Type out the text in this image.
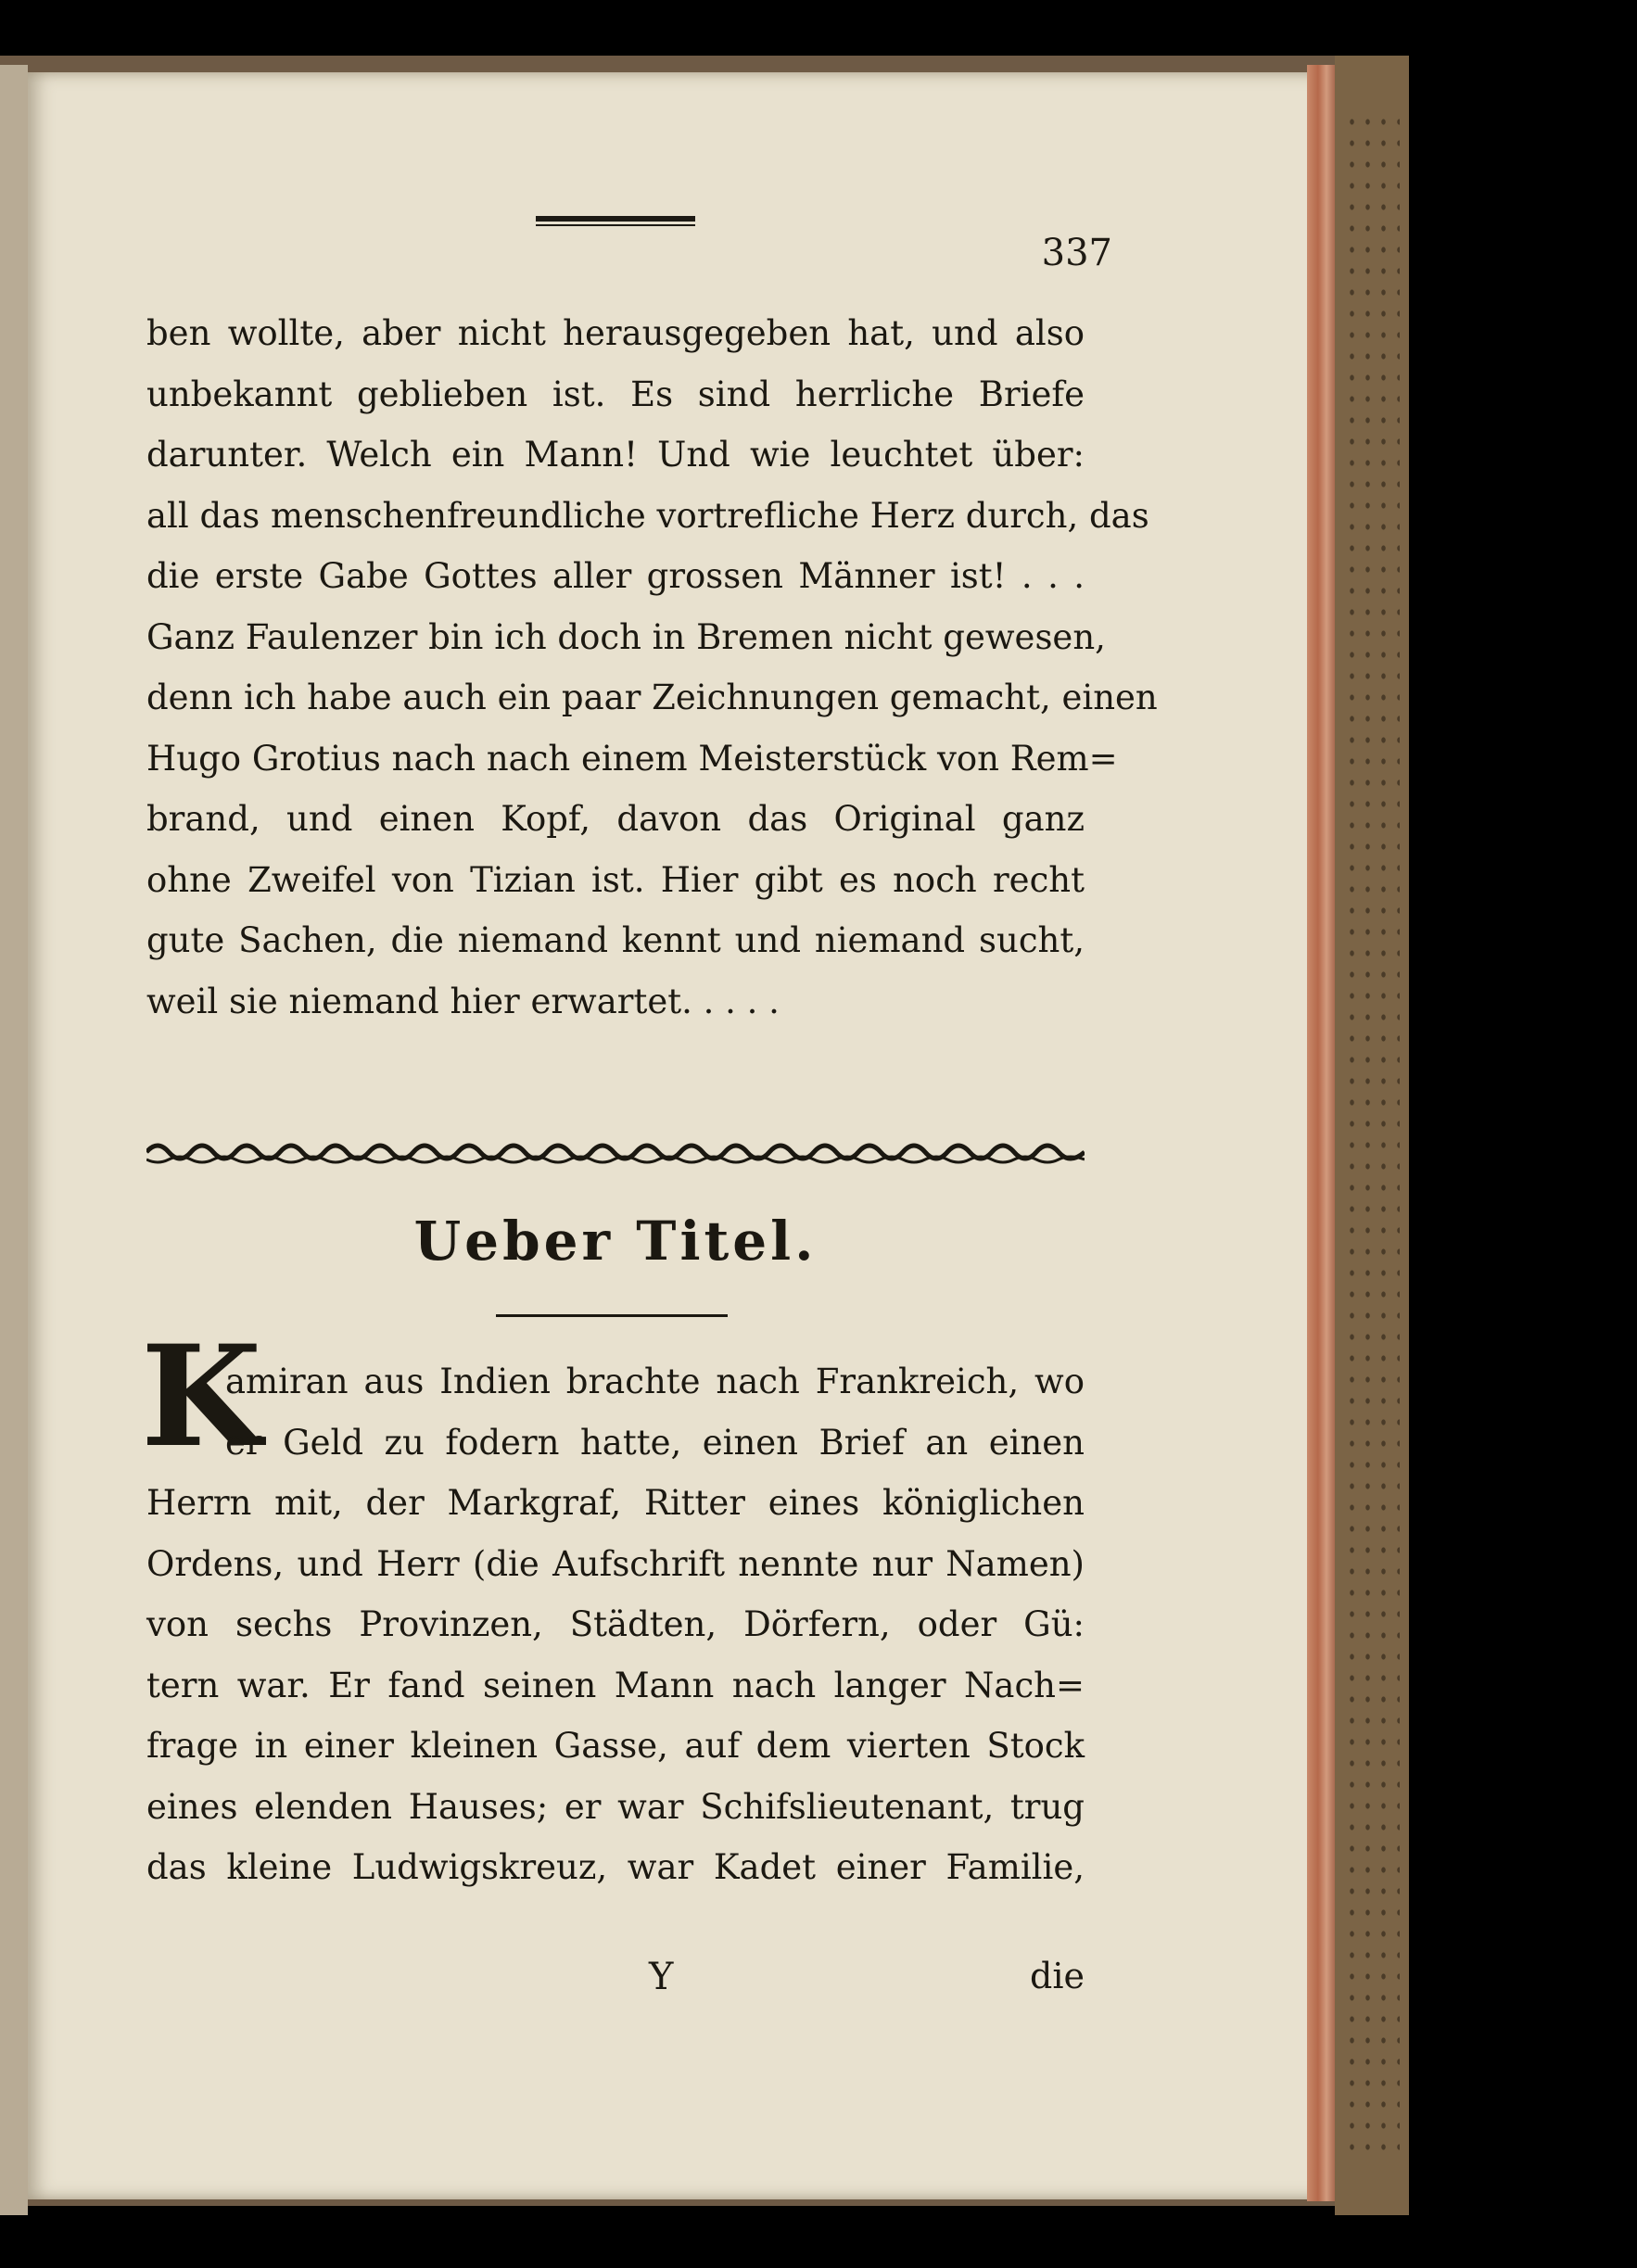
337
ben wollte, aber nicht herausgegeben hat, und also
unbekannt geblieben ist. Es sind herrliche Briefe
darunter. Welch ein Mann! Und wie leuchtet über:
all das menschenfreundliche vortrefliche Herz durch, das
die erste Gabe Gottes aller grossen Männer ist! . . .
Ganz Faulenzer bin ich doch in Bremen nicht gewesen,
denn ich habe auch ein paar Zeichnungen gemacht, einen
Hugo Grotius nach nach einem Meisterstück von Rem=
brand, und einen Kopf, davon das Original ganz
ohne Zweifel von Tizian ist. Hier gibt es noch recht
gute Sachen, die niemand kennt und niemand sucht,
weil sie niemand hier erwartet. . . . .
Ueber Titel.
K
amiran aus Indien brachte nach Frankreich, wo
er Geld zu fodern hatte, einen Brief an einen
Herrn mit, der Markgraf, Ritter eines königlichen
Ordens, und Herr (die Aufschrift nennte nur Namen)
von sechs Provinzen, Städten, Dörfern, oder Gü:
tern war. Er fand seinen Mann nach langer Nach=
frage in einer kleinen Gasse, auf dem vierten Stock
eines elenden Hauses; er war Schifslieutenant, trug
das kleine Ludwigskreuz, war Kadet einer Familie,
Y	die
